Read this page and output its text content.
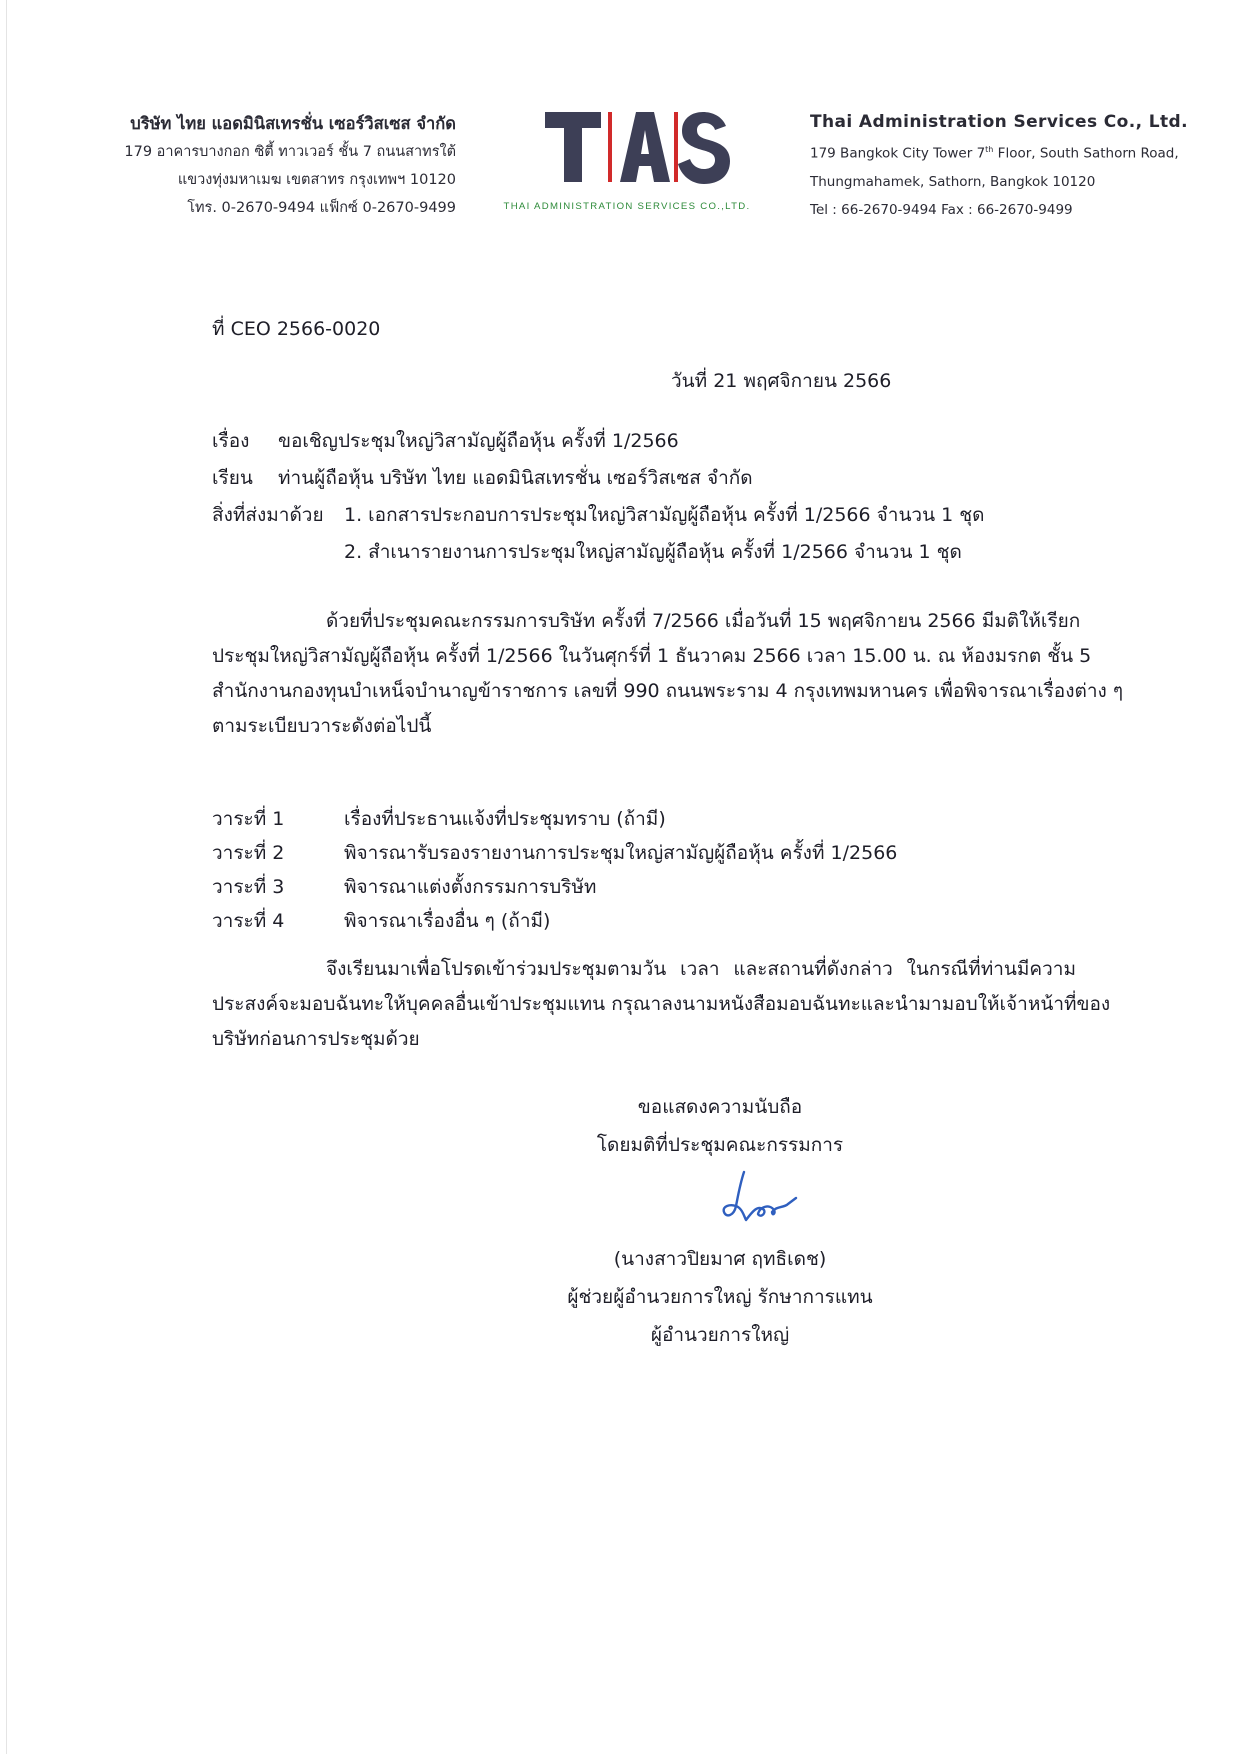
บริษัท ไทย แอดมินิสเทรชั่น เซอร์วิสเซส จำกัด
179 อาคารบางกอก ซิตี้ ทาวเวอร์ ชั้น 7 ถนนสาทรใต้
แขวงทุ่งมหาเมฆ เขตสาทร กรุงเทพฯ 10120
โทร. 0-2670-9494 แฟ็กซ์ 0-2670-9499	THAI ADMINISTRATION SERVICES CO.,LTD.
Thai Administration Services Co., Ltd.
179 Bangkok City Tower 7th Floor, South Sathorn Road,
Thungmahamek, Sathorn, Bangkok 10120
Tel : 66-2670-9494 Fax : 66-2670-9499
ที่ CEO 2566-0020
วันที่ 21 พฤศจิกายน 2566
เรื่อง	ขอเชิญประชุมใหญ่วิสามัญผู้ถือหุ้น ครั้งที่ 1/2566
เรียน	ท่านผู้ถือหุ้น บริษัท ไทย แอดมินิสเทรชั่น เซอร์วิสเซส จำกัด
สิ่งที่ส่งมาด้วย	1. เอกสารประกอบการประชุมใหญ่วิสามัญผู้ถือหุ้น ครั้งที่ 1/2566 จำนวน 1 ชุด
2. สำเนารายงานการประชุมใหญ่สามัญผู้ถือหุ้น ครั้งที่ 1/2566 จำนวน 1 ชุด
ด้วยที่ประชุมคณะกรรมการบริษัท ครั้งที่ 7/2566 เมื่อวันที่ 15 พฤศจิกายน 2566 มีมติให้เรียก
ประชุมใหญ่วิสามัญผู้ถือหุ้น ครั้งที่ 1/2566 ในวันศุกร์ที่ 1 ธันวาคม 2566 เวลา 15.00 น. ณ ห้องมรกต ชั้น 5
สำนักงานกองทุนบำเหน็จบำนาญข้าราชการ เลขที่ 990 ถนนพระราม 4 กรุงเทพมหานคร เพื่อพิจารณาเรื่องต่าง ๆ
ตามระเบียบวาระดังต่อไปนี้
วาระที่ 1	เรื่องที่ประธานแจ้งที่ประชุมทราบ (ถ้ามี)
วาระที่ 2	พิจารณารับรองรายงานการประชุมใหญ่สามัญผู้ถือหุ้น ครั้งที่ 1/2566
วาระที่ 3	พิจารณาแต่งตั้งกรรมการบริษัท
วาระที่ 4	พิจารณาเรื่องอื่น ๆ (ถ้ามี)
จึงเรียนมาเพื่อโปรดเข้าร่วมประชุมตามวัน เวลา และสถานที่ดังกล่าว ในกรณีที่ท่านมีความ
ประสงค์จะมอบฉันทะให้บุคคลอื่นเข้าประชุมแทน กรุณาลงนามหนังสือมอบฉันทะและนำมามอบให้เจ้าหน้าที่ของ
บริษัทก่อนการประชุมด้วย
ขอแสดงความนับถือ
โดยมติที่ประชุมคณะกรรมการ
(นางสาวปิยมาศ ฤทธิเดช)
ผู้ช่วยผู้อำนวยการใหญ่ รักษาการแทน
ผู้อำนวยการใหญ่
